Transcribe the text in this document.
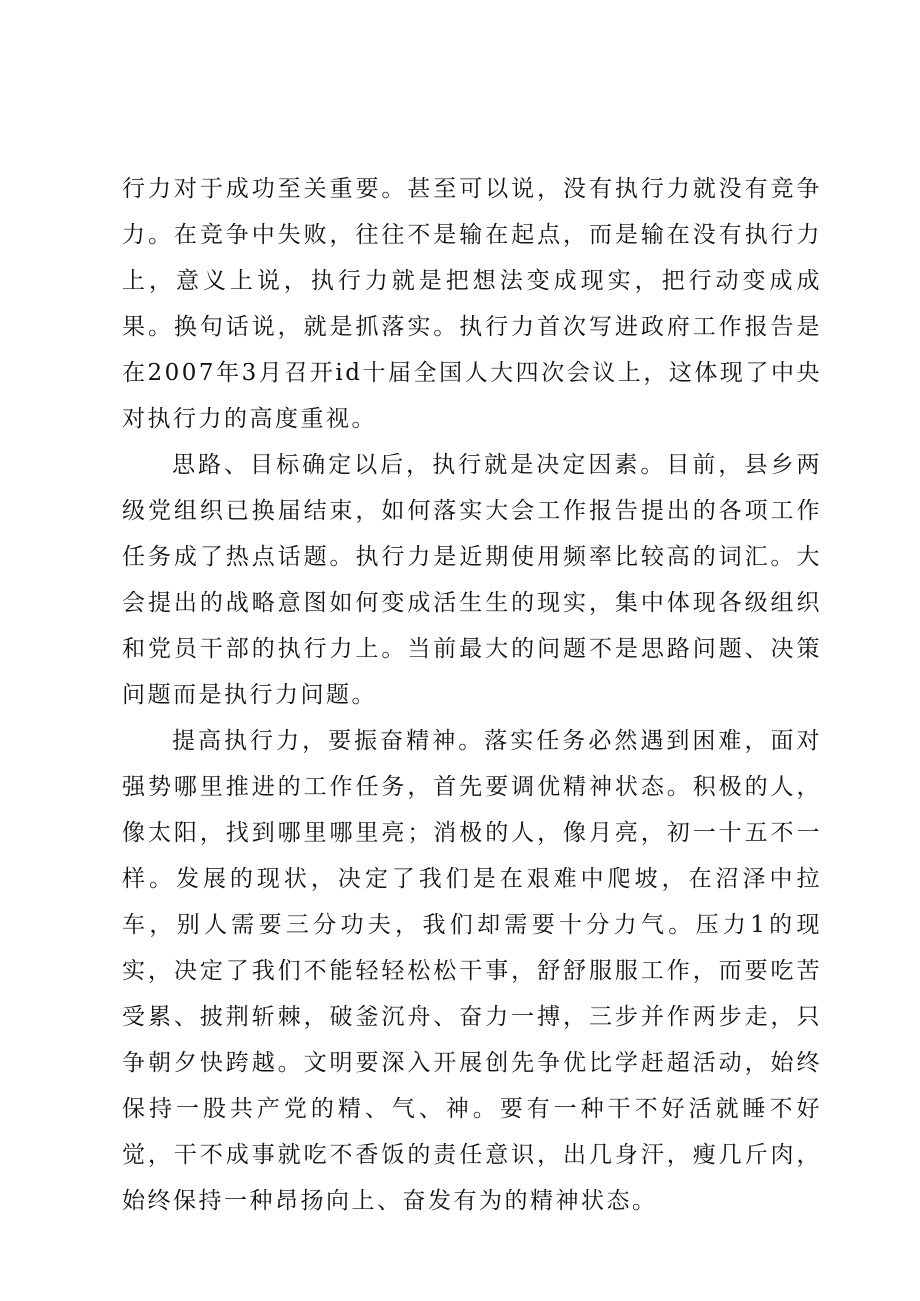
行力对于成功至关重要。甚至可以说，没有执行力就没有竞争力。在竞争中失败，往往不是输在起点，而是输在没有执行力上，意义上说，执行力就是把想法变成现实，把行动变成成果。换句话说，就是抓落实。执行力首次写进政府工作报告是在2007年3月召开id十届全国人大四次会议上，这体现了中央对执行力的高度重视。

思路、目标确定以后，执行就是决定因素。目前，县乡两级党组织已换届结束，如何落实大会工作报告提出的各项工作任务成了热点话题。执行力是近期使用频率比较高的词汇。大会提出的战略意图如何变成活生生的现实，集中体现各级组织和党员干部的执行力上。当前最大的问题不是思路问题、决策问题而是执行力问题。

提高执行力，要振奋精神。落实任务必然遇到困难，面对强势哪里推进的工作任务，首先要调优精神状态。积极的人，像太阳，找到哪里哪里亮；消极的人，像月亮，初一十五不一样。发展的现状，决定了我们是在艰难中爬坡，在沼泽中拉车，别人需要三分功夫，我们却需要十分力气。压力1的现实，决定了我们不能轻轻松松干事，舒舒服服工作，而要吃苦受累、披荆斩棘，破釜沉舟、奋力一搏，三步并作两步走，只争朝夕快跨越。文明要深入开展创先争优比学赶超活动，始终保持一股共产党的精、气、神。要有一种干不好活就睡不好觉，干不成事就吃不香饭的责任意识，出几身汗，瘦几斤肉，始终保持一种昂扬向上、奋发有为的精神状态。
